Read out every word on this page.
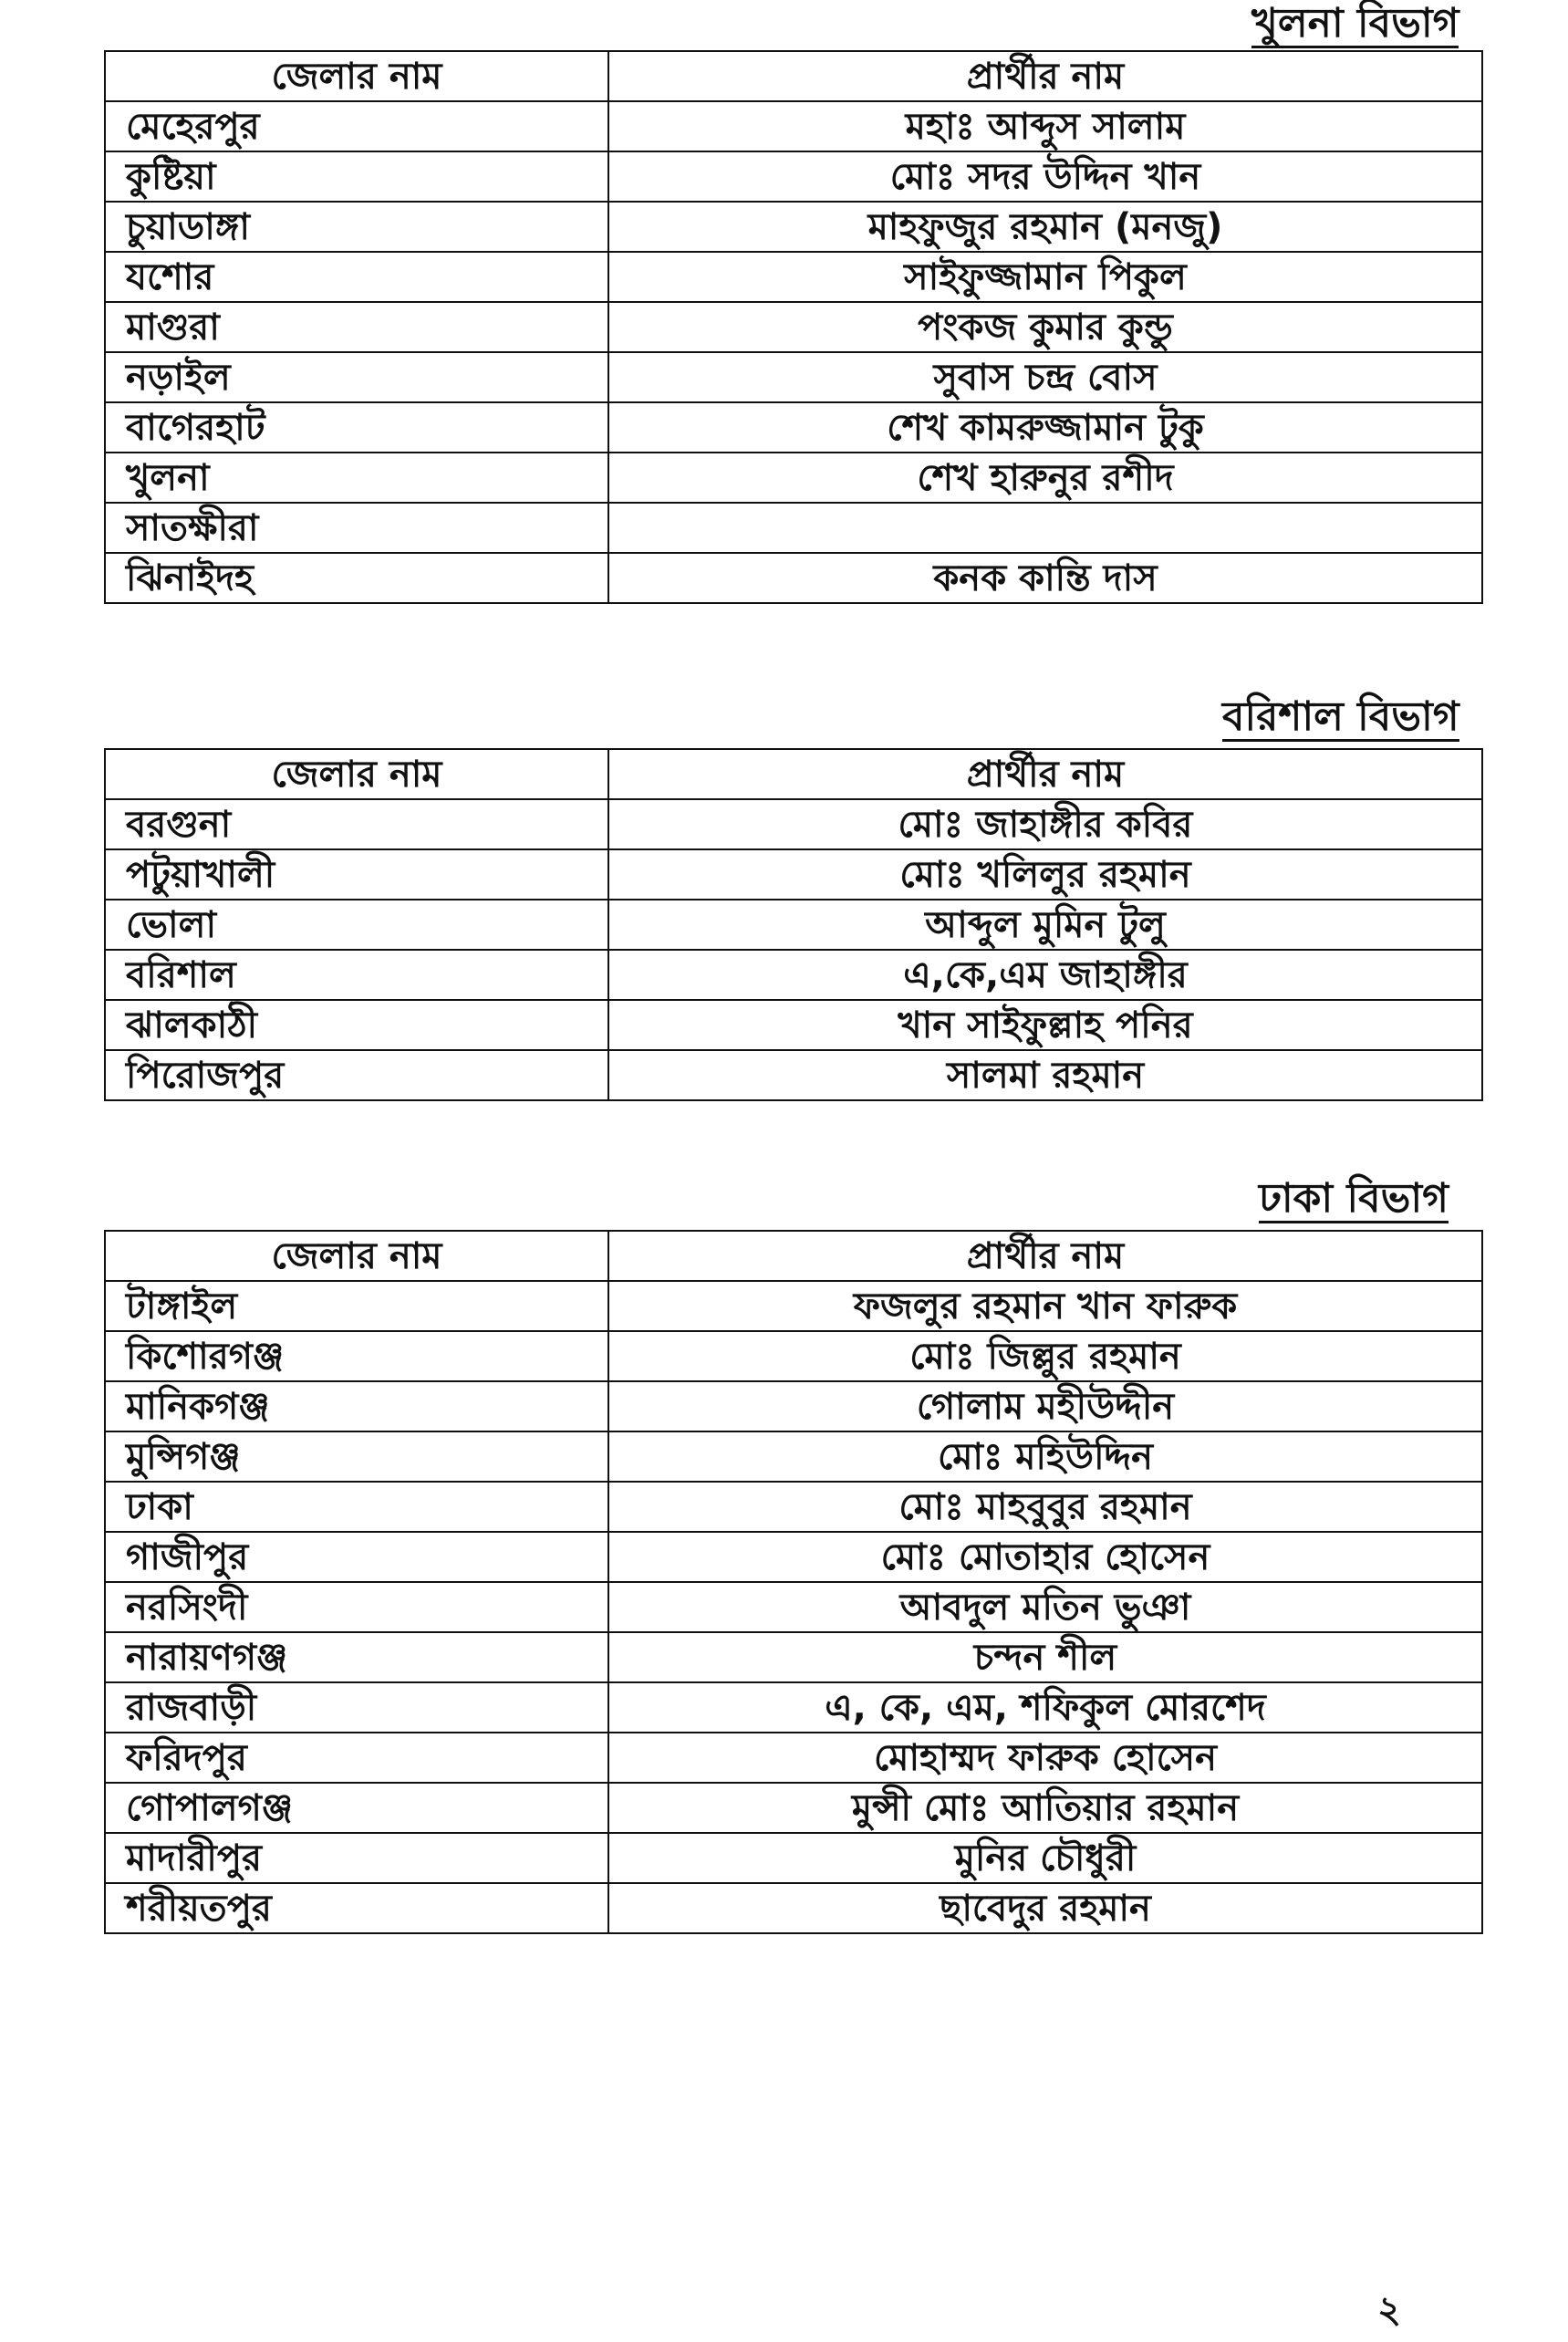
খুলনা বিভাগ
জেলার নাম	প্রার্থীর নাম
মেহেরপুর	মহাঃ আব্দুস সালাম
কুষ্টিয়া	মোঃ সদর উদ্দিন খান
চুয়াডাঙ্গা	মাহফুজুর রহমান (মনজু)
যশোর	সাইফুজ্জামান পিকুল
মাগুরা	পংকজ কুমার কুন্ডু
নড়াইল	সুবাস চন্দ্র বোস
বাগেরহাট	শেখ কামরুজ্জামান টুকু
খুলনা	শেখ হারুনুর রশীদ
সাতক্ষীরা	
ঝিনাইদহ	কনক কান্তি দাস
বরিশাল বিভাগ
জেলার নাম	প্রার্থীর নাম
বরগুনা	মোঃ জাহাঙ্গীর কবির
পটুয়াখালী	মোঃ খলিলুর রহমান
ভোলা	আব্দুল মুমিন টুলু
বরিশাল	এ,কে,এম জাহাঙ্গীর
ঝালকাঠী	খান সাইফুল্লাহ পনির
পিরোজপুর	সালমা রহমান
ঢাকা বিভাগ
জেলার নাম	প্রার্থীর নাম
টাঙ্গাইল	ফজলুর রহমান খান ফারুক
কিশোরগঞ্জ	মোঃ জিল্লুর রহমান
মানিকগঞ্জ	গোলাম মহীউদ্দীন
মুন্সিগঞ্জ	মোঃ মহিউদ্দিন
ঢাকা	মোঃ মাহবুবুর রহমান
গাজীপুর	মোঃ মোতাহার হোসেন
নরসিংদী	আবদুল মতিন ভুঞা
নারায়ণগঞ্জ	চন্দন শীল
রাজবাড়ী	এ, কে, এম, শফিকুল মোরশেদ
ফরিদপুর	মোহাম্মদ ফারুক হোসেন
গোপালগঞ্জ	মুন্সী মোঃ আতিয়ার রহমান
মাদারীপুর	মুনির চৌধুরী
শরীয়তপুর	ছাবেদুর রহমান
২
